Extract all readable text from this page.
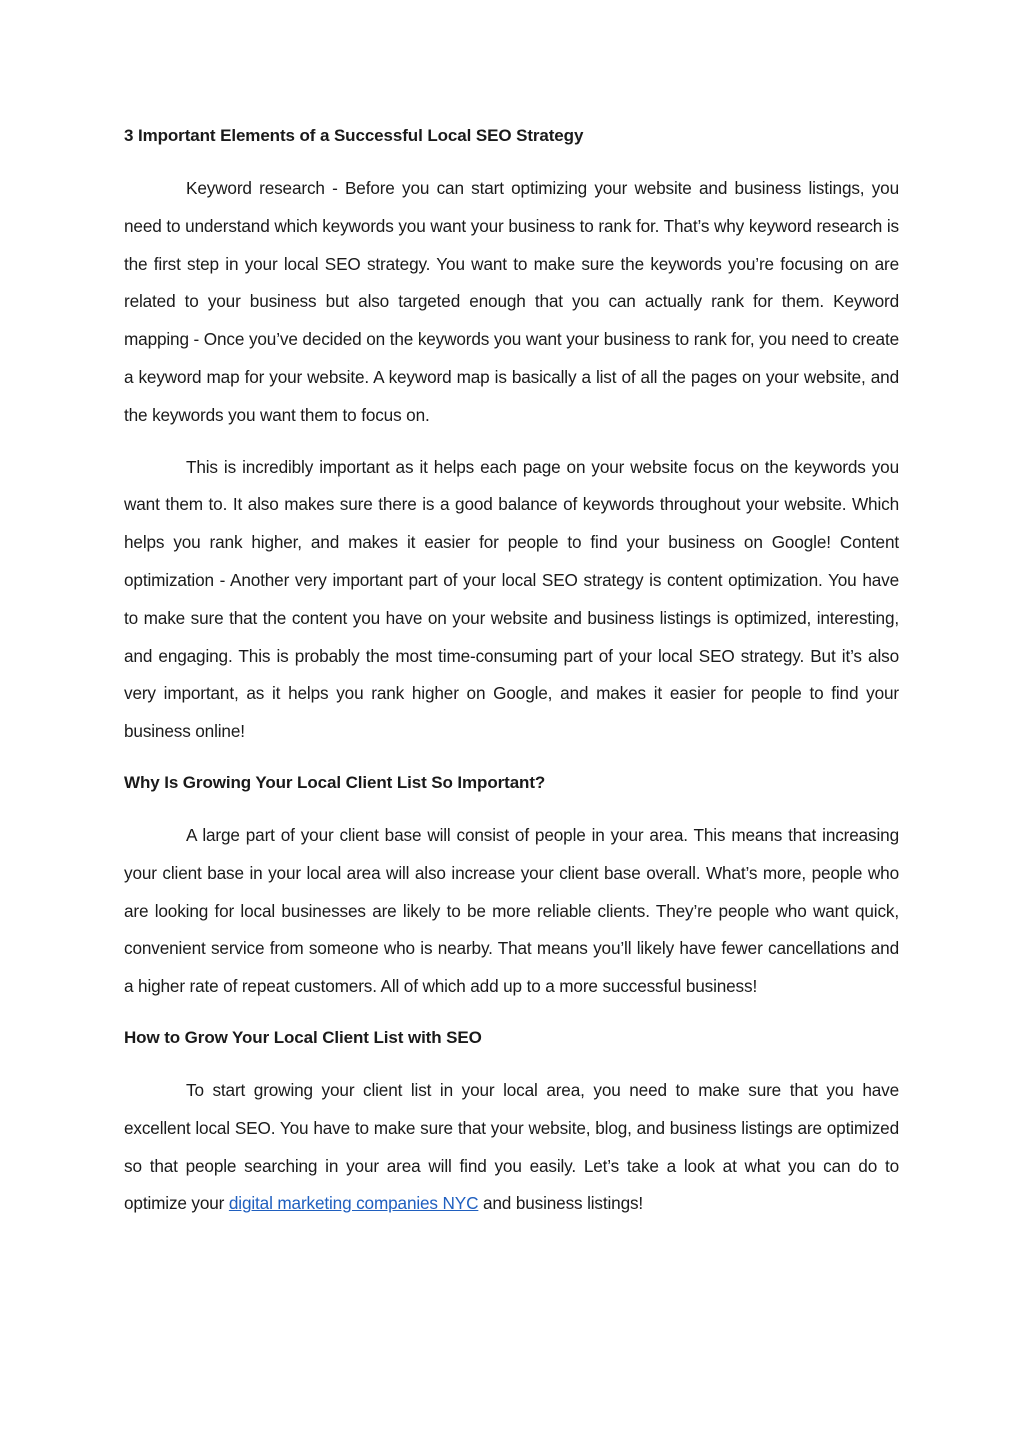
3 Important Elements of a Successful Local SEO Strategy

Keyword research - Before you can start optimizing your website and business listings, you need to understand which keywords you want your business to rank for. That’s why keyword research is the first step in your local SEO strategy. You want to make sure the keywords you’re focusing on are related to your business but also targeted enough that you can actually rank for them. Keyword mapping - Once you’ve decided on the keywords you want your business to rank for, you need to create a keyword map for your website. A keyword map is basically a list of all the pages on your website, and the keywords you want them to focus on.

This is incredibly important as it helps each page on your website focus on the keywords you want them to. It also makes sure there is a good balance of keywords throughout your website. Which helps you rank higher, and makes it easier for people to find your business on Google! Content optimization - Another very important part of your local SEO strategy is content optimization. You have to make sure that the content you have on your website and business listings is optimized, interesting, and engaging. This is probably the most time-consuming part of your local SEO strategy. But it’s also very important, as it helps you rank higher on Google, and makes it easier for people to find your business online!

Why Is Growing Your Local Client List So Important?

A large part of your client base will consist of people in your area. This means that increasing your client base in your local area will also increase your client base overall. What’s more, people who are looking for local businesses are likely to be more reliable clients. They’re people who want quick, convenient service from someone who is nearby. That means you’ll likely have fewer cancellations and a higher rate of repeat customers. All of which add up to a more successful business!

How to Grow Your Local Client List with SEO

To start growing your client list in your local area, you need to make sure that you have excellent local SEO. You have to make sure that your website, blog, and business listings are optimized so that people searching in your area will find you easily. Let’s take a look at what you can do to optimize your digital marketing companies NYC and business listings!
